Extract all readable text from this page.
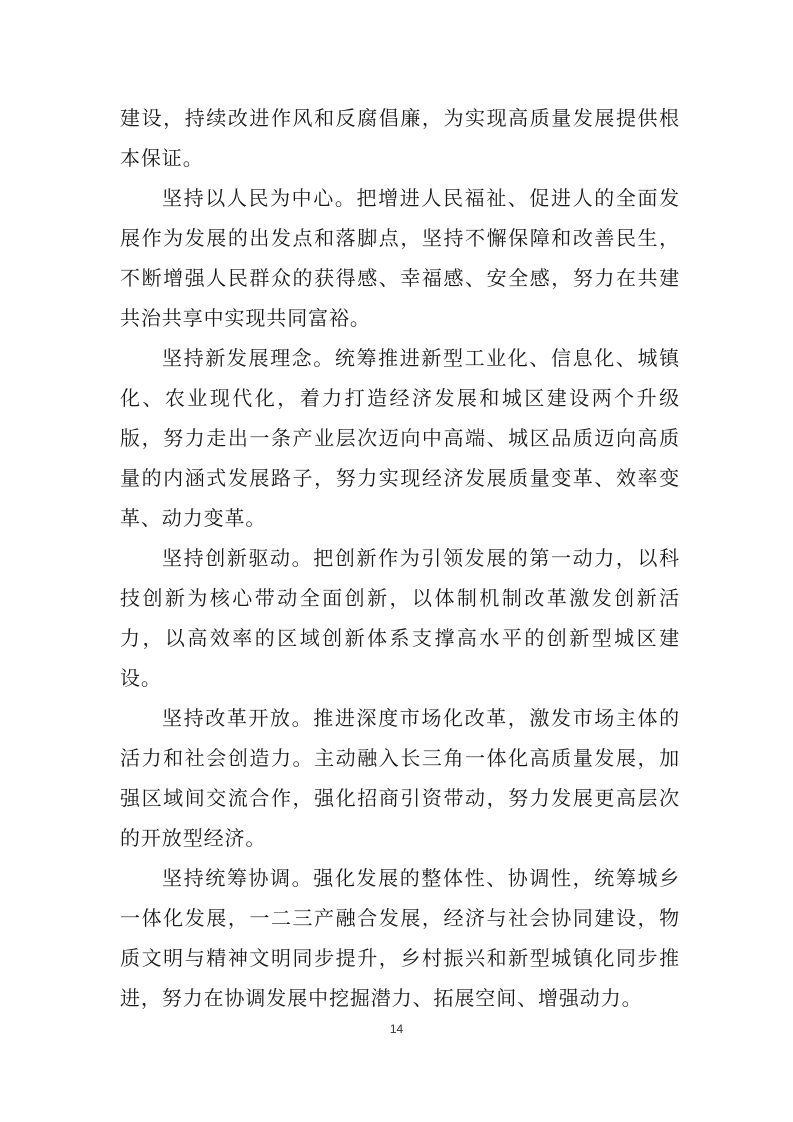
建设，持续改进作风和反腐倡廉，为实现高质量发展提供根本保证。

坚持以人民为中心。把增进人民福祉、促进人的全面发展作为发展的出发点和落脚点，坚持不懈保障和改善民生，不断增强人民群众的获得感、幸福感、安全感，努力在共建共治共享中实现共同富裕。

坚持新发展理念。统筹推进新型工业化、信息化、城镇化、农业现代化，着力打造经济发展和城区建设两个升级版，努力走出一条产业层次迈向中高端、城区品质迈向高质量的内涵式发展路子，努力实现经济发展质量变革、效率变革、动力变革。

坚持创新驱动。把创新作为引领发展的第一动力，以科技创新为核心带动全面创新，以体制机制改革激发创新活力，以高效率的区域创新体系支撑高水平的创新型城区建设。

坚持改革开放。推进深度市场化改革，激发市场主体的活力和社会创造力。主动融入长三角一体化高质量发展，加强区域间交流合作，强化招商引资带动，努力发展更高层次的开放型经济。

坚持统筹协调。强化发展的整体性、协调性，统筹城乡一体化发展，一二三产融合发展，经济与社会协同建设，物质文明与精神文明同步提升，乡村振兴和新型城镇化同步推进，努力在协调发展中挖掘潜力、拓展空间、增强动力。

14
